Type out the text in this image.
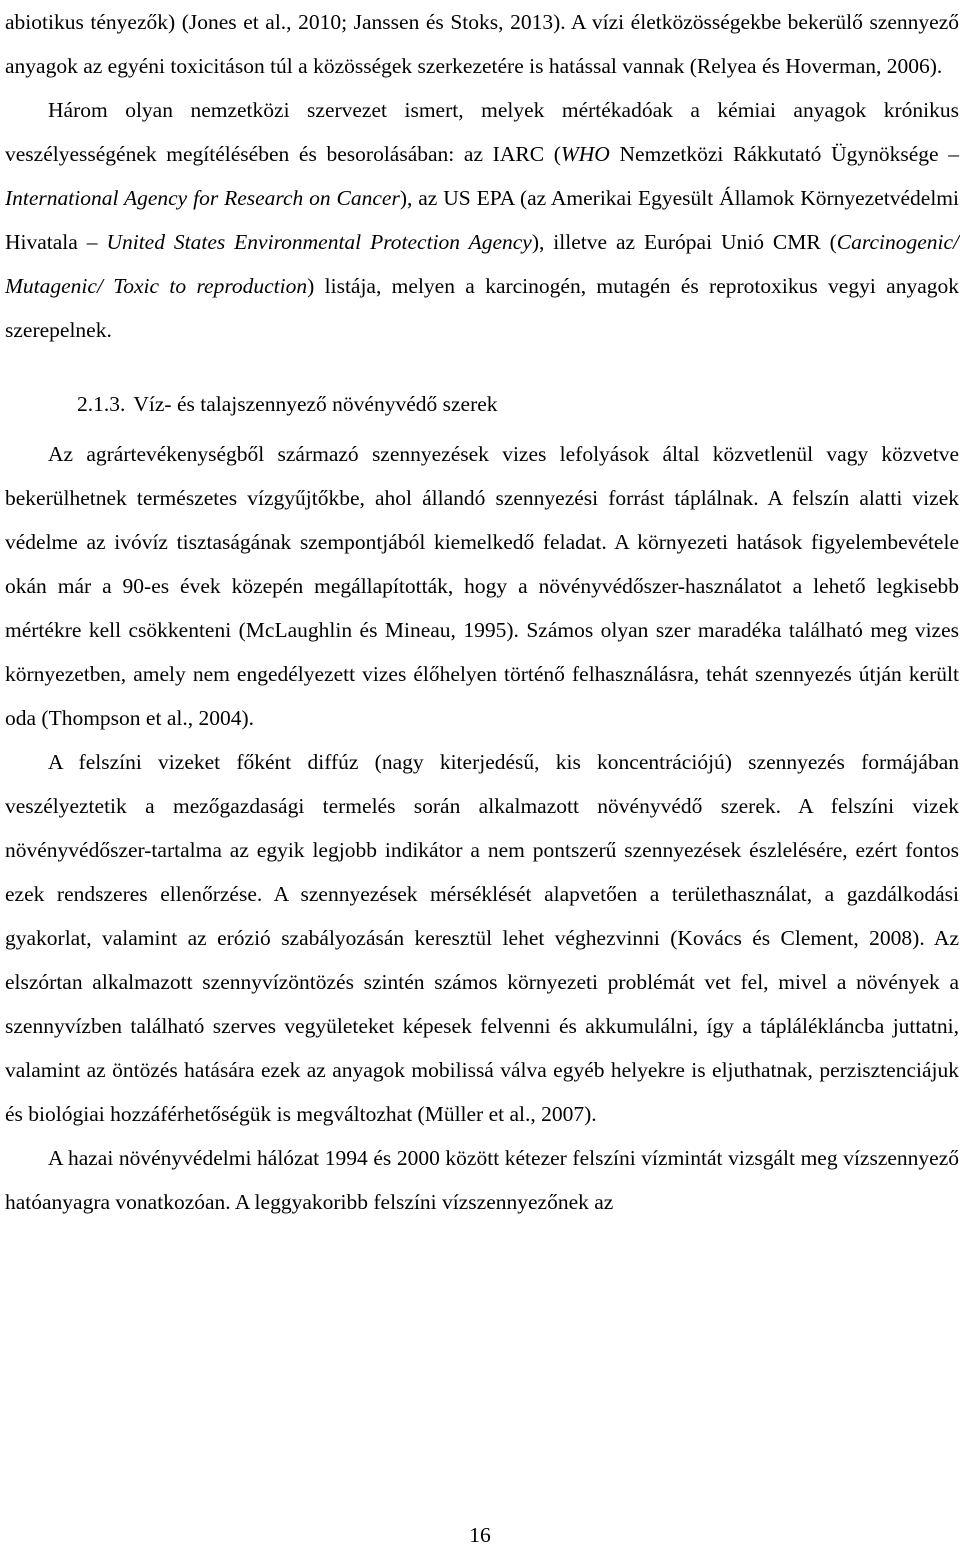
abiotikus tényezők) (Jones et al., 2010; Janssen és Stoks, 2013). A vízi életközösségekbe bekerülő szennyező anyagok az egyéni toxicitáson túl a közösségek szerkezetére is hatással vannak (Relyea és Hoverman, 2006).

Három olyan nemzetközi szervezet ismert, melyek mértékadóak a kémiai anyagok krónikus veszélyességének megítélésében és besorolásában: az IARC (WHO Nemzetközi Rákkutató Ügynöksége – International Agency for Research on Cancer), az US EPA (az Amerikai Egyesült Államok Környezetvédelmi Hivatala – United States Environmental Protection Agency), illetve az Európai Unió CMR (Carcinogenic/ Mutagenic/ Toxic to reproduction) listája, melyen a karcinogén, mutagén és reprotoxikus vegyi anyagok szerepelnek.

2.1.3. Víz- és talajszennyező növényvédő szerek

Az agrártevékenységből származó szennyezések vizes lefolyások által közvetlenül vagy közvetve bekerülhetnek természetes vízgyűjtőkbe, ahol állandó szennyezési forrást táplálnak. A felszín alatti vizek védelme az ivóvíz tisztaságának szempontjából kiemelkedő feladat. A környezeti hatások figyelembevétele okán már a 90-es évek közepén megállapították, hogy a növényvédőszer-használatot a lehető legkisebb mértékre kell csökkenteni (McLaughlin és Mineau, 1995). Számos olyan szer maradéka található meg vizes környezetben, amely nem engedélyezett vizes élőhelyen történő felhasználásra, tehát szennyezés útján került oda (Thompson et al., 2004).

A felszíni vizeket főként diffúz (nagy kiterjedésű, kis koncentrációjú) szennyezés formájában veszélyeztetik a mezőgazdasági termelés során alkalmazott növényvédő szerek. A felszíni vizek növényvédőszer-tartalma az egyik legjobb indikátor a nem pontszerű szennyezések észlelésére, ezért fontos ezek rendszeres ellenőrzése. A szennyezések mérséklését alapvetően a területhasználat, a gazdálkodási gyakorlat, valamint az erózió szabályozásán keresztül lehet véghezvinni (Kovács és Clement, 2008). Az elszórtan alkalmazott szennyvízöntözés szintén számos környezeti problémát vet fel, mivel a növények a szennyvízben található szerves vegyületeket képesek felvenni és akkumulálni, így a táplálékláncba juttatni, valamint az öntözés hatására ezek az anyagok mobilissá válva egyéb helyekre is eljuthatnak, perzisztenciájuk és biológiai hozzáférhetőségük is megváltozhat (Müller et al., 2007).

A hazai növényvédelmi hálózat 1994 és 2000 között kétezer felszíni vízmintát vizsgált meg vízszennyező hatóanyagra vonatkozóan. A leggyakoribb felszíni vízszennyezőnek az

16
